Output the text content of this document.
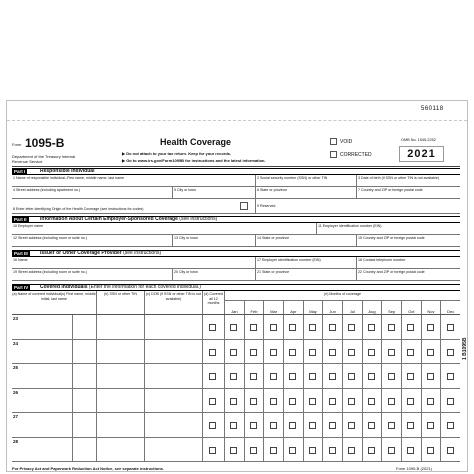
560118
Form 1095-B
Department of the Treasury Internal Revenue Service
Health Coverage
▶ Do not attach to your tax return. Keep for your records.
▶ Go to www.irs.gov/Form1095B for instructions and the latest information.
VOID
CORRECTED
OMB No. 1545-2252
2021
Part I	Responsible Individual
1 Name of responsible individual–First name, middle name, last name	2 Social security number (SSN) or other TIN	3 Date of birth (if SSN or other TIN is not available)
4 Street address (including apartment no.)	5 City or town	6 State or province	7 Country and ZIP or foreign postal code
8 Enter letter identifying Origin of the Health Coverage (see instructions for codes)
9 Reserved
Part II	Information About Certain Employer-Sponsored Coverage (see instructions)
10 Employer name	11 Employer identification number (EIN)
12 Street address (including room or suite no.)	13 City or town	14 State or province	15 Country and ZIP or foreign postal code
Part III	Issuer or Other Coverage Provider (see instructions)
16 Name	17 Employer identification number (EIN)	18 Contact telephone number
19 Street address (including room or suite no.)	20 City or town	21 State or province	22 Country and ZIP or foreign postal code
Part IV	Covered Individuals (Enter the information for each covered individual.)
(a) Name of covered individual(s) First name, middle initial, last name
(b) SSN or other TIN	(c) DOB (if SSN or other TIN is not available)
(d) Covered all 12 months
(e) Months of coverage
Jan	Feb	Mar	Apr	May	Jun	Jul	Aug	Sep	Oct	Nov	Dec
23
24
25
26
27
28
For Privacy Act and Paperwork Reduction Act Notice, see separate instructions.	Form 1095-B (2021)
1 B1095B
